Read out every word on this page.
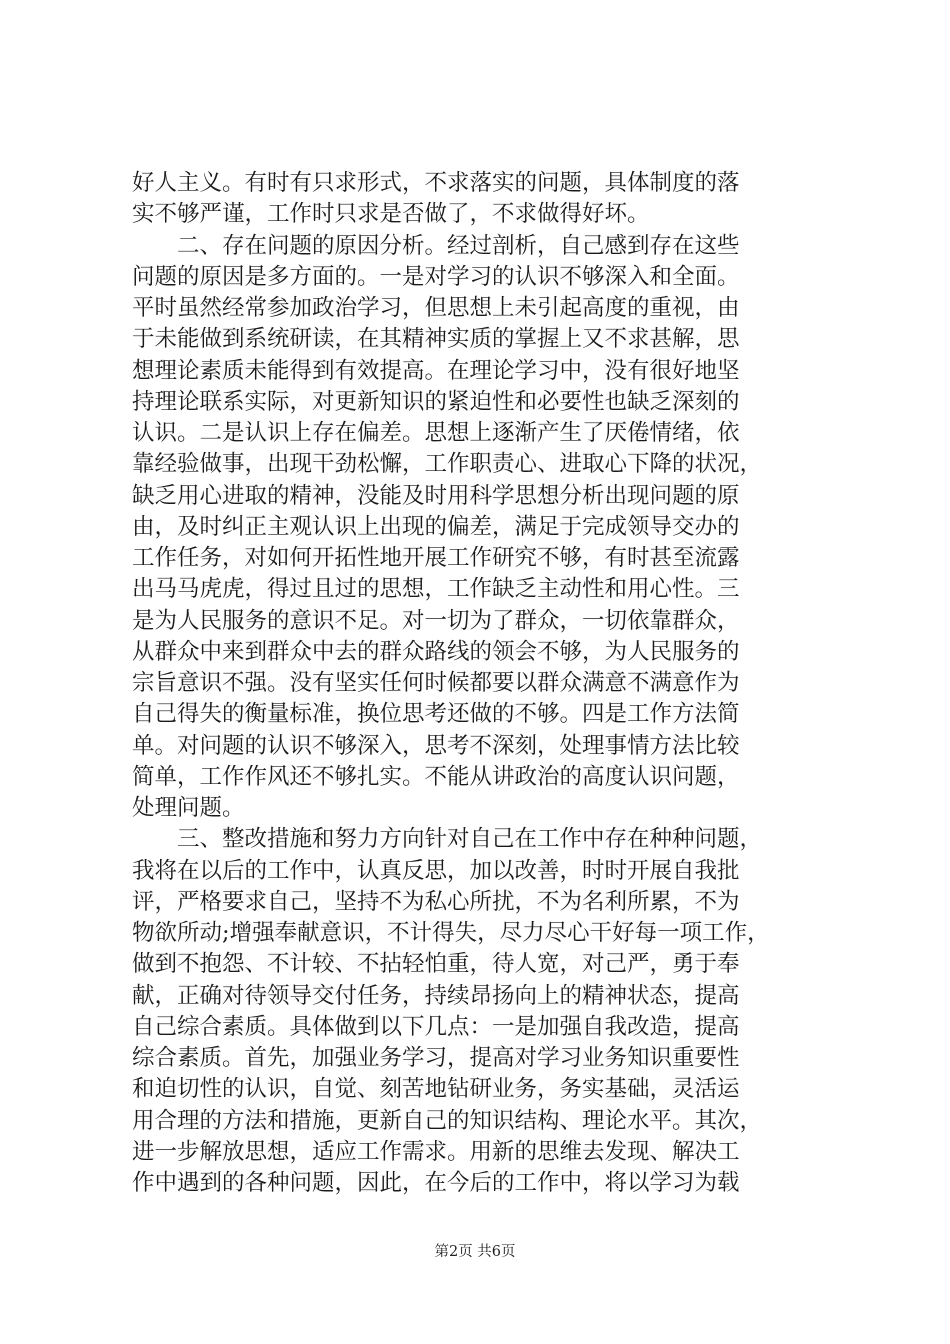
好人主义。有时有只求形式，不求落实的问题，具体制度的落
实不够严谨，工作时只求是否做了，不求做得好坏。
二、存在问题的原因分析。经过剖析，自己感到存在这些
问题的原因是多方面的。一是对学习的认识不够深入和全面。
平时虽然经常参加政治学习，但思想上未引起高度的重视，由
于未能做到系统研读，在其精神实质的掌握上又不求甚解，思
想理论素质未能得到有效提高。在理论学习中，没有很好地坚
持理论联系实际，对更新知识的紧迫性和必要性也缺乏深刻的
认识。二是认识上存在偏差。思想上逐渐产生了厌倦情绪，依
靠经验做事，出现干劲松懈，工作职责心、进取心下降的状况，
缺乏用心进取的精神，没能及时用科学思想分析出现问题的原
由，及时纠正主观认识上出现的偏差，满足于完成领导交办的
工作任务，对如何开拓性地开展工作研究不够，有时甚至流露
出马马虎虎，得过且过的思想，工作缺乏主动性和用心性。三
是为人民服务的意识不足。对一切为了群众，一切依靠群众，
从群众中来到群众中去的群众路线的领会不够，为人民服务的
宗旨意识不强。没有坚实任何时候都要以群众满意不满意作为
自己得失的衡量标准，换位思考还做的不够。四是工作方法简
单。对问题的认识不够深入，思考不深刻，处理事情方法比较
简单，工作作风还不够扎实。不能从讲政治的高度认识问题，
处理问题。
三、整改措施和努力方向针对自己在工作中存在种种问题，
我将在以后的工作中，认真反思，加以改善，时时开展自我批
评，严格要求自己，坚持不为私心所扰，不为名利所累，不为
物欲所动;增强奉献意识，不计得失，尽力尽心干好每一项工作，
做到不抱怨、不计较、不拈轻怕重，待人宽，对己严，勇于奉
献，正确对待领导交付任务，持续昂扬向上的精神状态，提高
自己综合素质。具体做到以下几点：一是加强自我改造，提高
综合素质。首先，加强业务学习，提高对学习业务知识重要性
和迫切性的认识，自觉、刻苦地钻研业务，务实基础，灵活运
用合理的方法和措施，更新自己的知识结构、理论水平。其次，
进一步解放思想，适应工作需求。用新的思维去发现、解决工
作中遇到的各种问题，因此，在今后的工作中，将以学习为载
第2页 共6页
